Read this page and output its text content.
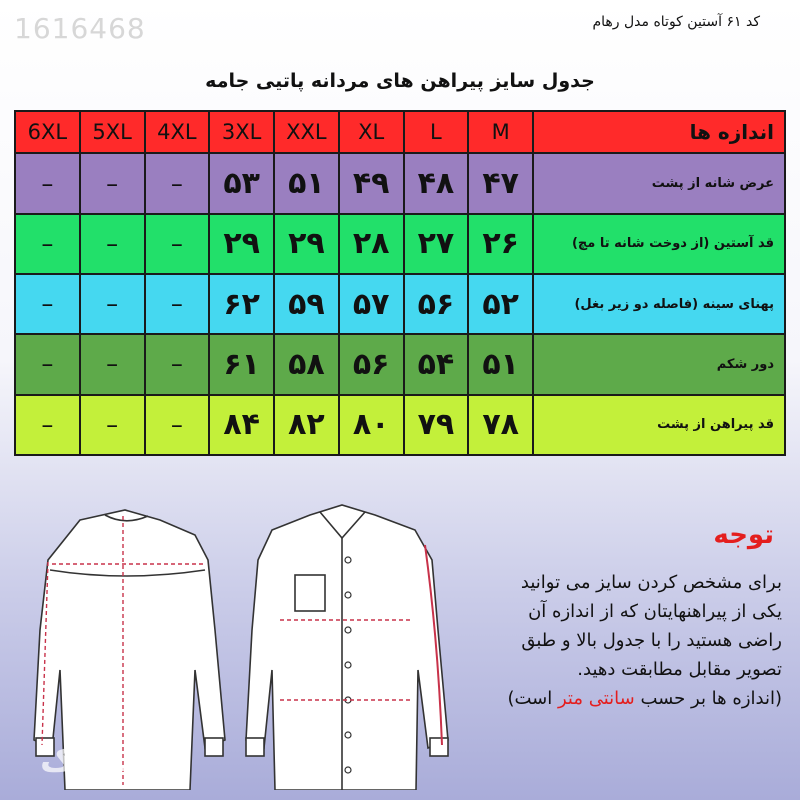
1616468	کد ۶۱ آستین کوتاه مدل رهام
جدول سایز پیراهن های مردانه پاتیی جامه
اندازه ها	M	L	XL	XXL	3XL	4XL	5XL	6XL
عرض شانه از پشت	۴۷	۴۸	۴۹	۵۱	۵۳	–	–	–
قد آستین (از دوخت شانه تا مچ)	۲۶	۲۷	۲۸	۲۹	۲۹	–	–	–
پهنای سینه (فاصله دو زیر بغل)	۵۲	۵۶	۵۷	۵۹	۶۲	–	–	–
دور شکم	۵۱	۵۴	۵۶	۵۸	۶۱	–	–	–
قد پیراهن از پشت	۷۸	۷۹	۸۰	۸۲	۸۴	–	–	–
توجه
برای مشخص کردن سایز می توانید
یکی از پیراهنهایتان که از اندازه آن
راضی هستید را با جدول بالا و طبق
تصویر مقابل مطابقت دهید.
(اندازه ها بر حسب سانتی متر است)
بابوتیک
